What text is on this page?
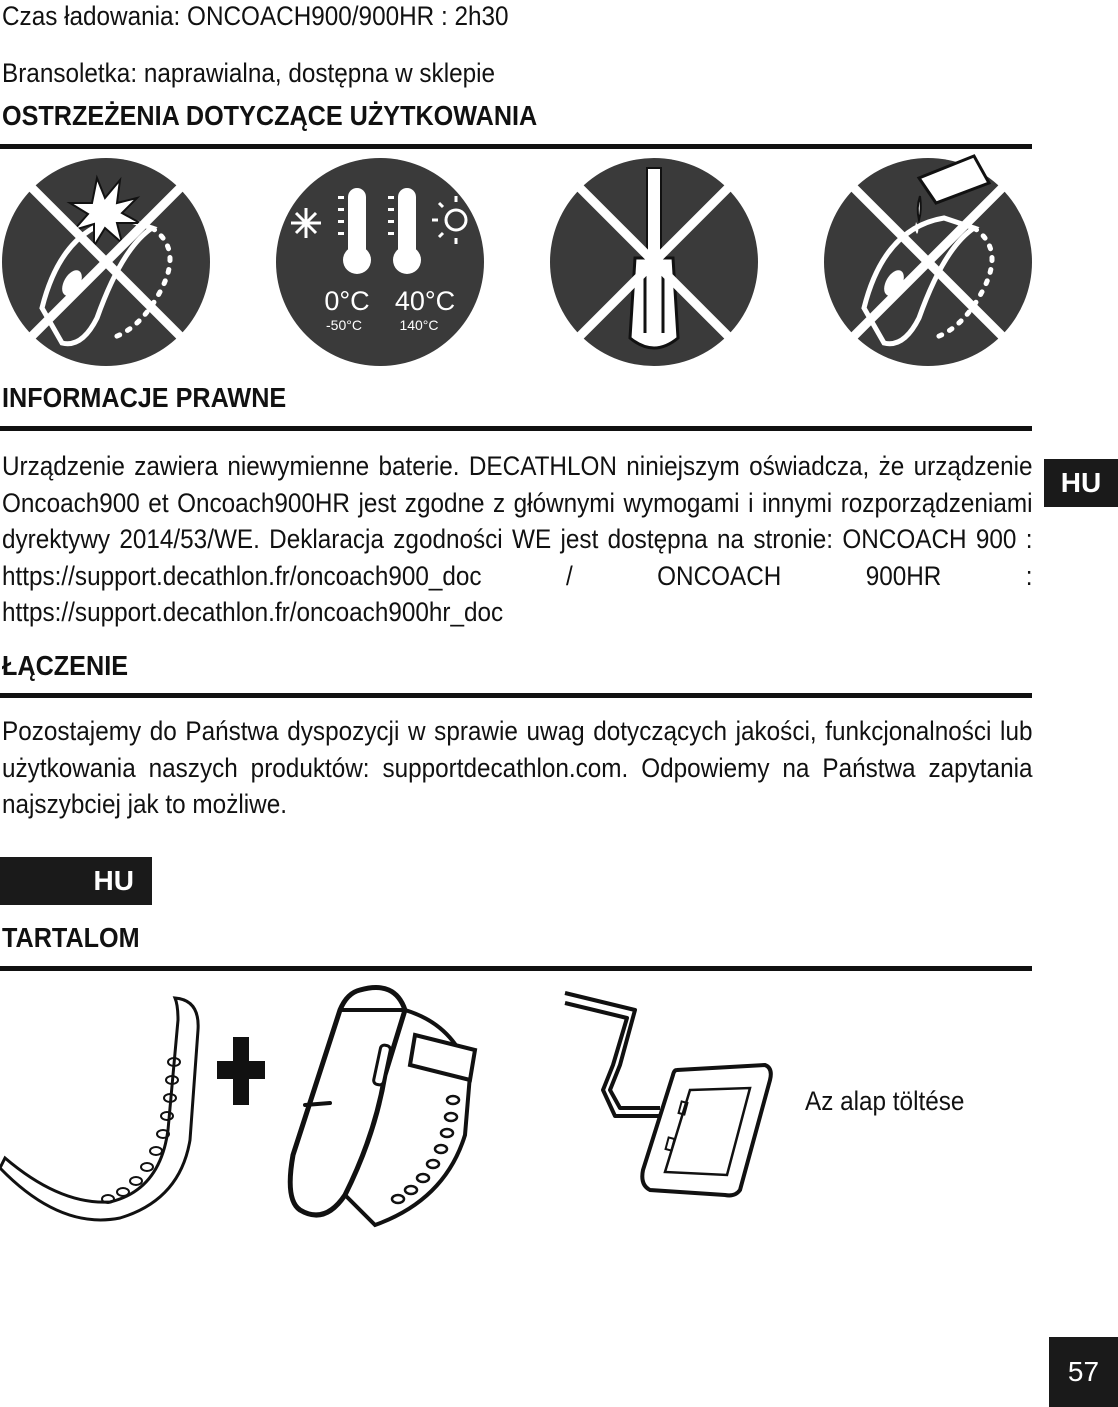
Czas ładowania: ONCOACH900/900HR : 2h30
Bransoletka: naprawialna, dostępna w sklepie
OSTRZEŻENIA DOTYCZĄCE UŻYTKOWANIA
0°C 40°C
-50°C	140°C
INFORMACJE PRAWNE
Urządzenie zawiera niewymienne baterie. DECATHLON niniejszym oświadcza, że urządzenie Oncoach900 et Oncoach900HR jest zgodne z głównymi wymogami i innymi rozporządzeniami dyrektywy 2014/53/WE. Deklaracja zgodności WE jest dostępna na stronie: ONCOACH 900 : https://support.decathlon.fr/oncoach900_doc / ONCOACH 900HR : https://support.decathlon.fr/oncoach900hr_doc
ŁĄCZENIE
Pozostajemy do Państwa dyspozycji w sprawie uwag dotyczących jakości, funkcjonalności lub użytkowania naszych produktów: supportdecathlon.com. Odpowiemy na Państwa zapytania najszybciej jak to możliwe.
HU
TARTALOM
Az alap töltése
HU
57
